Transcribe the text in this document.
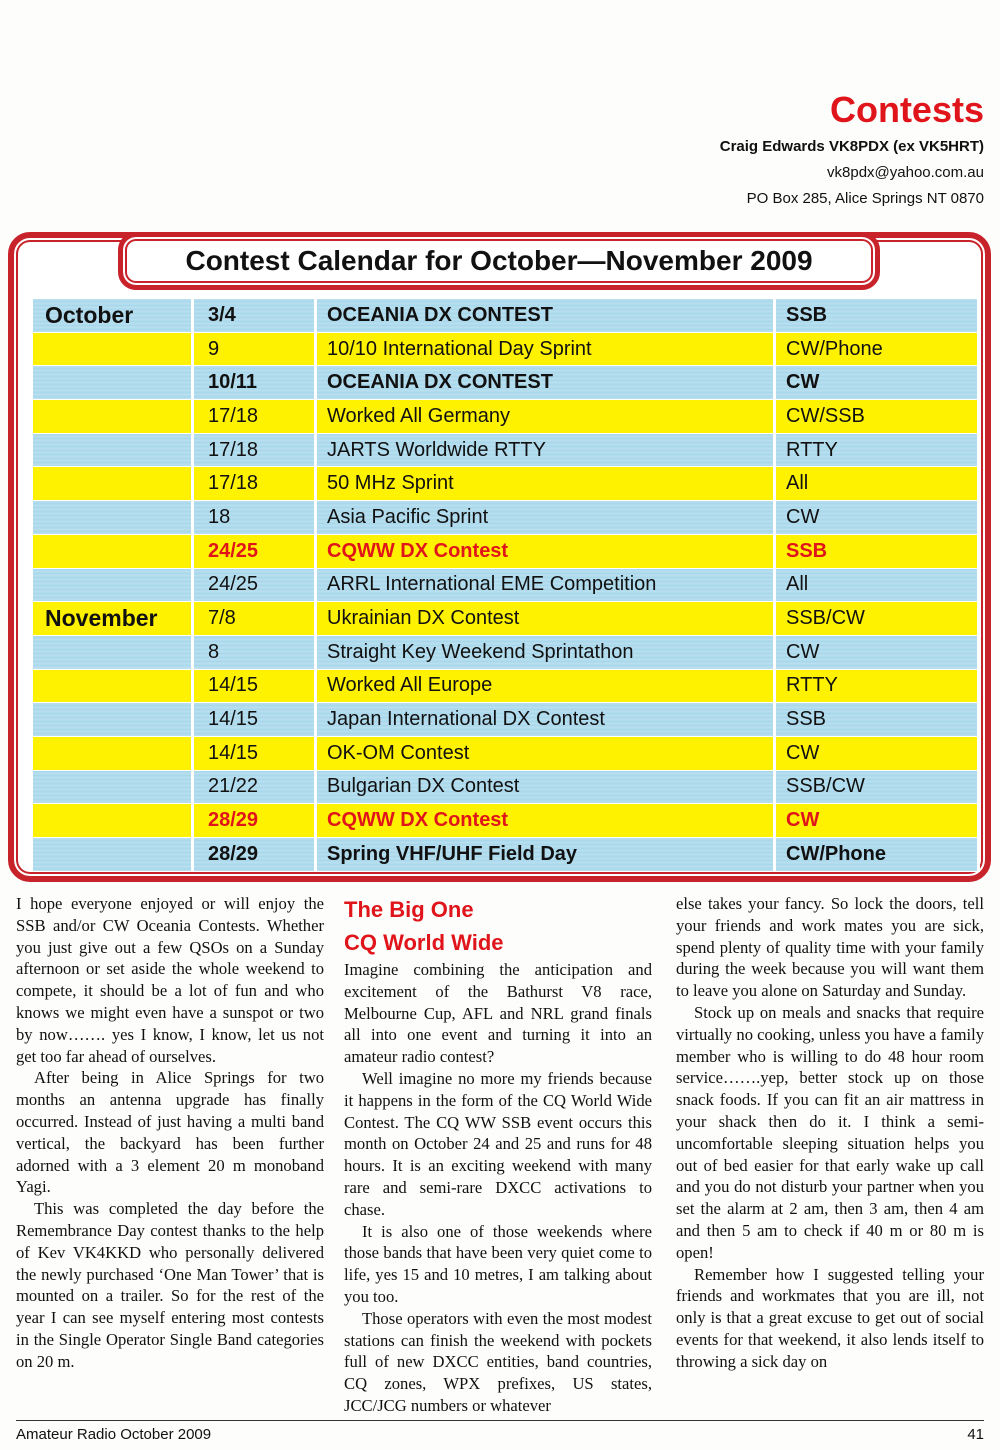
Contests
Craig Edwards VK8PDX (ex VK5HRT)
vk8pdx@yahoo.com.au
PO Box 285, Alice Springs NT 0870
Contest Calendar for October—November 2009
October	3/4	OCEANIA DX CONTEST	SSB
	9	10/10 International Day Sprint	CW/Phone
	10/11	OCEANIA DX CONTEST	CW
	17/18	Worked All Germany	CW/SSB
	17/18	JARTS Worldwide RTTY	RTTY
	17/18	50 MHz Sprint	All
	18	Asia Pacific Sprint	CW
	24/25	CQWW DX Contest	SSB
	24/25	ARRL International EME Competition	All
November	7/8	Ukrainian DX Contest	SSB/CW
	8	Straight Key Weekend Sprintathon	CW
	14/15	Worked All Europe	RTTY
	14/15	Japan International DX Contest	SSB
	14/15	OK-OM Contest	CW
	21/22	Bulgarian DX Contest	SSB/CW
	28/29	CQWW DX Contest	CW
	28/29	Spring VHF/UHF Field Day	CW/Phone

I hope everyone enjoyed or will enjoy the SSB and/or CW Oceania Contests. Whether you just give out a few QSOs on a Sunday afternoon or set aside the whole weekend to compete, it should be a lot of fun and who knows we might even have a sunspot or two by now……. yes I know, I know, let us not get too far ahead of ourselves.

After being in Alice Springs for two months an antenna upgrade has finally occurred. Instead of just having a multi band vertical, the backyard has been further adorned with a 3 element 20 m monoband Yagi.

This was completed the day before the Remembrance Day contest thanks to the help of Kev VK4KKD who personally delivered the newly purchased ‘One Man Tower’ that is mounted on a trailer. So for the rest of the year I can see myself entering most contests in the Single Operator Single Band categories on 20 m.

The Big One
CQ World Wide

Imagine combining the anticipation and excitement of the Bathurst V8 race, Melbourne Cup, AFL and NRL grand finals all into one event and turning it into an amateur radio contest?

Well imagine no more my friends because it happens in the form of the CQ World Wide Contest. The CQ WW SSB event occurs this month on October 24 and 25 and runs for 48 hours. It is an exciting weekend with many rare and semi-rare DXCC activations to chase.

It is also one of those weekends where those bands that have been very quiet come to life, yes 15 and 10 metres, I am talking about you too.

Those operators with even the most modest stations can finish the weekend with pockets full of new DXCC entities, band countries, CQ zones, WPX prefixes, US states, JCC/JCG numbers or whatever

else takes your fancy. So lock the doors, tell your friends and work mates you are sick, spend plenty of quality time with your family during the week because you will want them to leave you alone on Saturday and Sunday.

Stock up on meals and snacks that require virtually no cooking, unless you have a family member who is willing to do 48 hour room service…….yep, better stock up on those snack foods. If you can fit an air mattress in your shack then do it. I think a semi-uncomfortable sleeping situation helps you out of bed easier for that early wake up call and you do not disturb your partner when you set the alarm at 2 am, then 3 am, then 4 am and then 5 am to check if 40 m or 80 m is open!

Remember how I suggested telling your friends and workmates that you are ill, not only is that a great excuse to get out of social events for that weekend, it also lends itself to throwing a sick day on

Amateur Radio October 2009	41
